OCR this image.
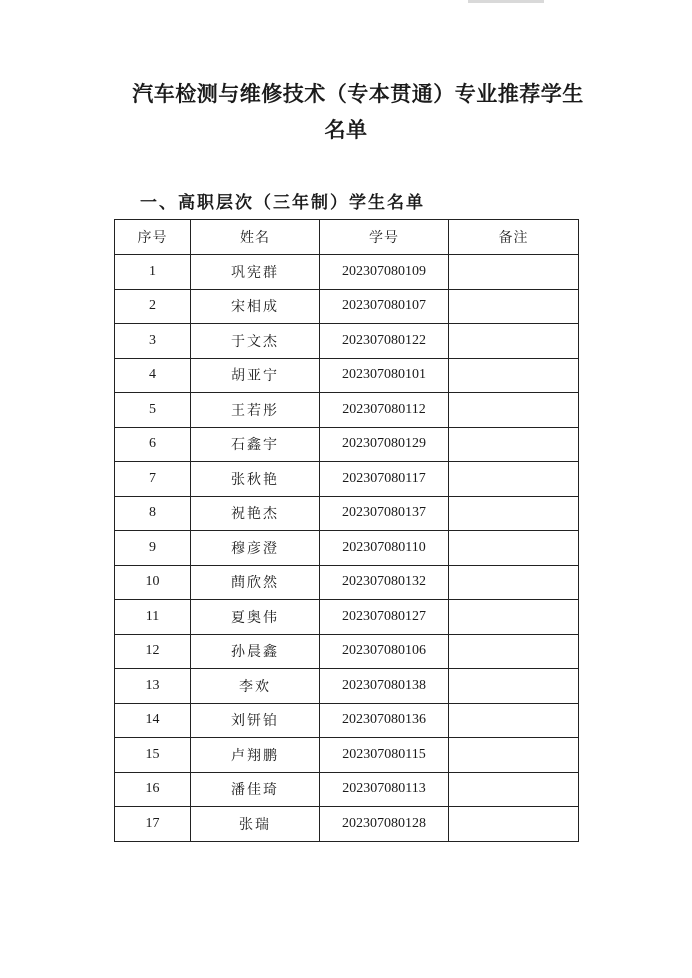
汽车检测与维修技术（专本贯通）专业推荐学生
名单
一、高职层次（三年制）学生名单
序号	姓名	学号	备注
1	巩宪群	202307080109	
2	宋相成	202307080107	
3	于文杰	202307080122	
4	胡亚宁	202307080101	
5	王若彤	202307080112	
6	石鑫宇	202307080129	
7	张秋艳	202307080117	
8	祝艳杰	202307080137	
9	穆彦澄	202307080110	
10	蔄欣然	202307080132	
11	夏奥伟	202307080127	
12	孙晨鑫	202307080106	
13	李欢	202307080138	
14	刘钘铂	202307080136	
15	卢翔鹏	202307080115	
16	潘佳琦	202307080113	
17	张瑞	202307080128	
